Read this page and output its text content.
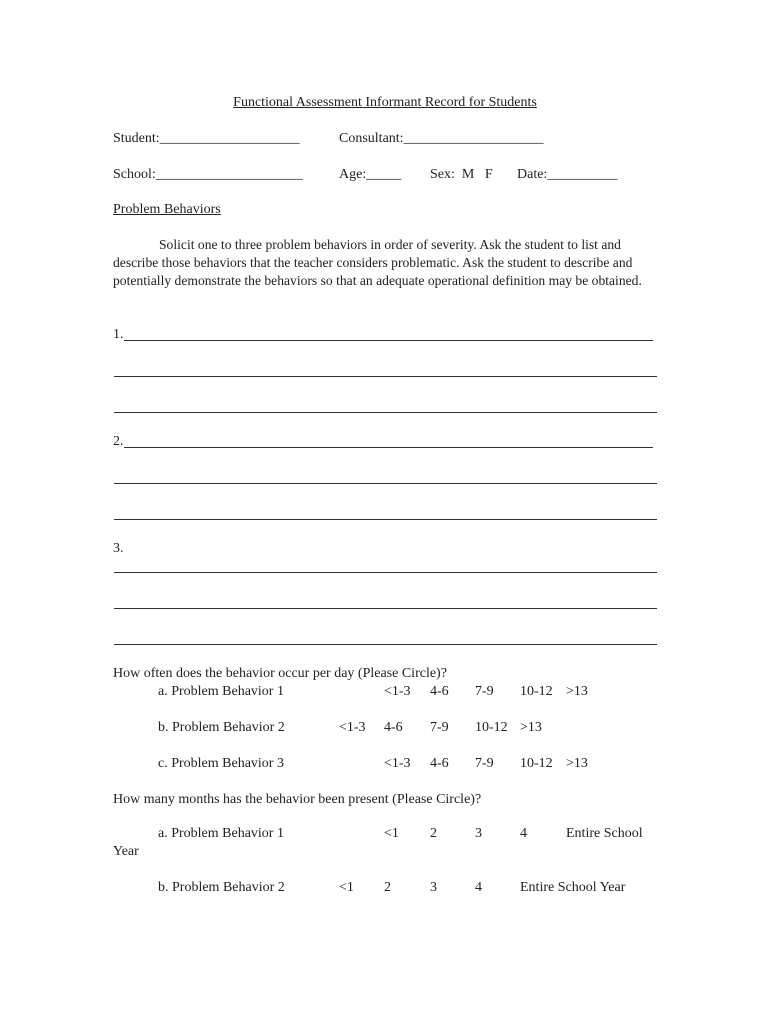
Functional Assessment Informant Record for Students
Student:____________________	Consultant:____________________
School:_____________________	Age:_____ Sex:  M   F Date:__________
Problem Behaviors
Solicit one to three problem behaviors in order of severity. Ask the student to list and describe those behaviors that the teacher considers problematic. Ask the student to describe and potentially demonstrate the behaviors so that an adequate operational definition may be obtained.
1.
2.
3.
How often does the behavior occur per day (Please Circle)?
a. Problem Behavior 1	<1-3 4-6 7-9 10-12 >13
b. Problem Behavior 2	<1-3 4-6 7-9 10-12 >13
c. Problem Behavior 3	<1-3 4-6 7-9 10-12 >13
How many months has the behavior been present (Please Circle)?
a. Problem Behavior 1	<1 2	3	4	Entire School
Year
b. Problem Behavior 2	<1 2	3	4	Entire School Year
